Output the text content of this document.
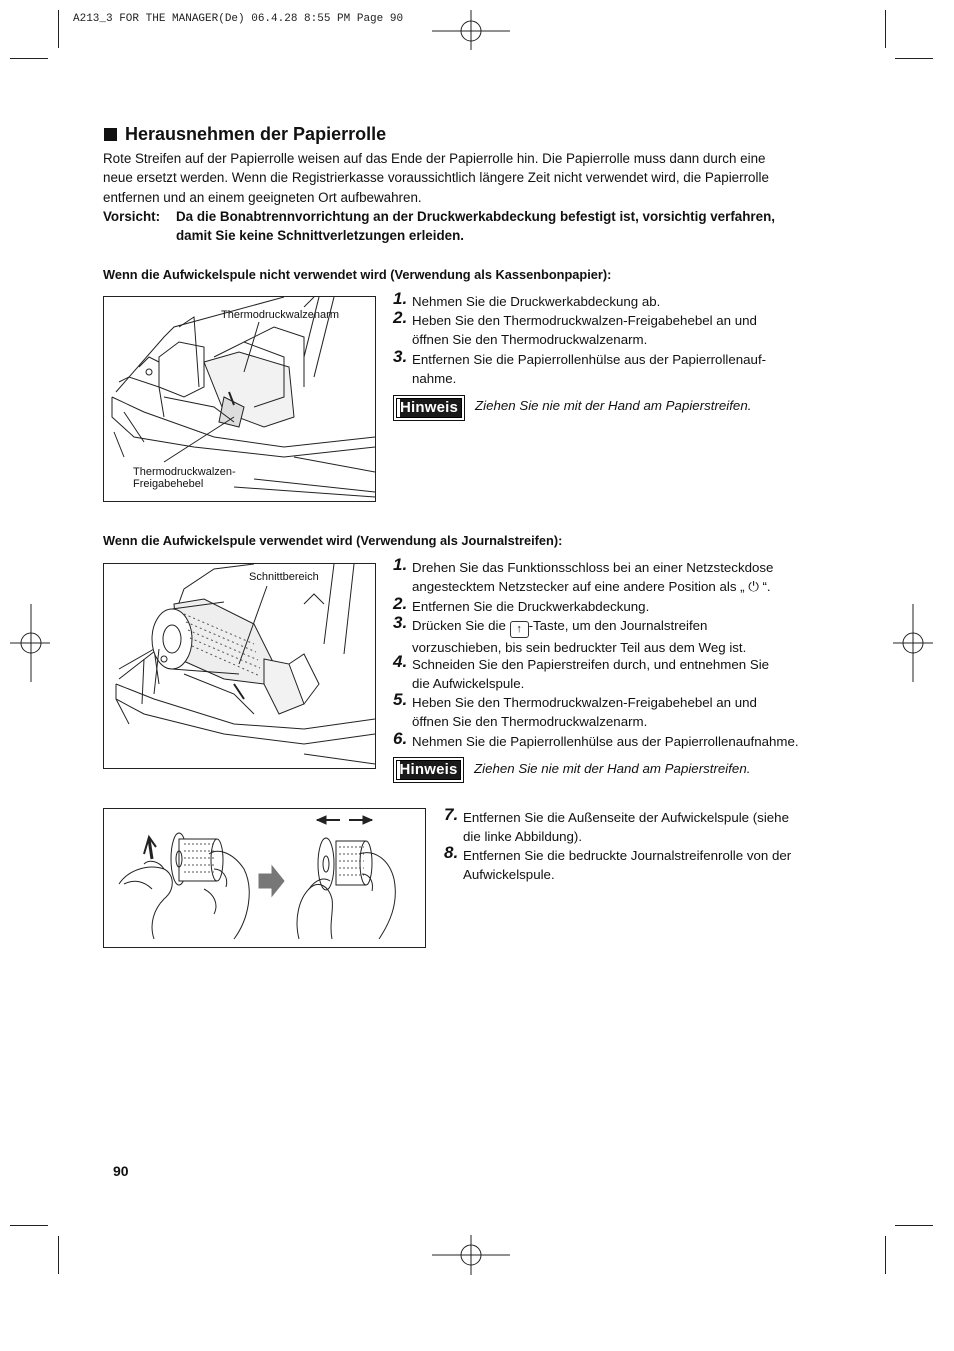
A213_3 FOR THE MANAGER(De) 06.4.28 8:55 PM Page 90
Herausnehmen der Papierrolle
Rote Streifen auf der Papierrolle weisen auf das Ende der Papierrolle hin. Die Papierrolle muss dann durch eine
neue ersetzt werden. Wenn die Registrierkasse voraussichtlich längere Zeit nicht verwendet wird, die Papierrolle
entfernen und an einem geeigneten Ort aufbewahren.
Vorsicht: Da die Bonabtrennvorrichtung an der Druckwerkabdeckung befestigt ist, vorsichtig verfahren,
damit Sie keine Schnittverletzungen erleiden.
Wenn die Aufwickelspule nicht verwendet wird (Verwendung als Kassenbonpapier):
Thermodruckwalzenarm
Thermodruckwalzen-
Freigabehebel
1. Nehmen Sie die Druckwerkabdeckung ab.
2. Heben Sie den Thermodruckwalzen-Freigabehebel an und
öffnen Sie den Thermodruckwalzenarm.
3. Entfernen Sie die Papierrollenhülse aus der Papierrollenauf-
nahme.
Hinweis Ziehen Sie nie mit der Hand am Papierstreifen.
Wenn die Aufwickelspule verwendet wird (Verwendung als Journalstreifen):
Schnittbereich
1. Drehen Sie das Funktionsschloss bei an einer Netzsteckdose
angestecktem Netzstecker auf eine andere Position als „ ⏻ “.
2. Entfernen Sie die Druckwerkabdeckung.
3. Drücken Sie die ↑ -Taste, um den Journalstreifen
vorzuschieben, bis sein bedruckter Teil aus dem Weg ist.
4. Schneiden Sie den Papierstreifen durch, und entnehmen Sie
die Aufwickelspule.
5. Heben Sie den Thermodruckwalzen-Freigabehebel an und
öffnen Sie den Thermodruckwalzenarm.
6. Nehmen Sie die Papierrollenhülse aus der Papierrollenaufnahme.
Hinweis Ziehen Sie nie mit der Hand am Papierstreifen.
7. Entfernen Sie die Außenseite der Aufwickelspule (siehe
die linke Abbildung).
8. Entfernen Sie die bedruckte Journalstreifenrolle von der
Aufwickelspule.
90
